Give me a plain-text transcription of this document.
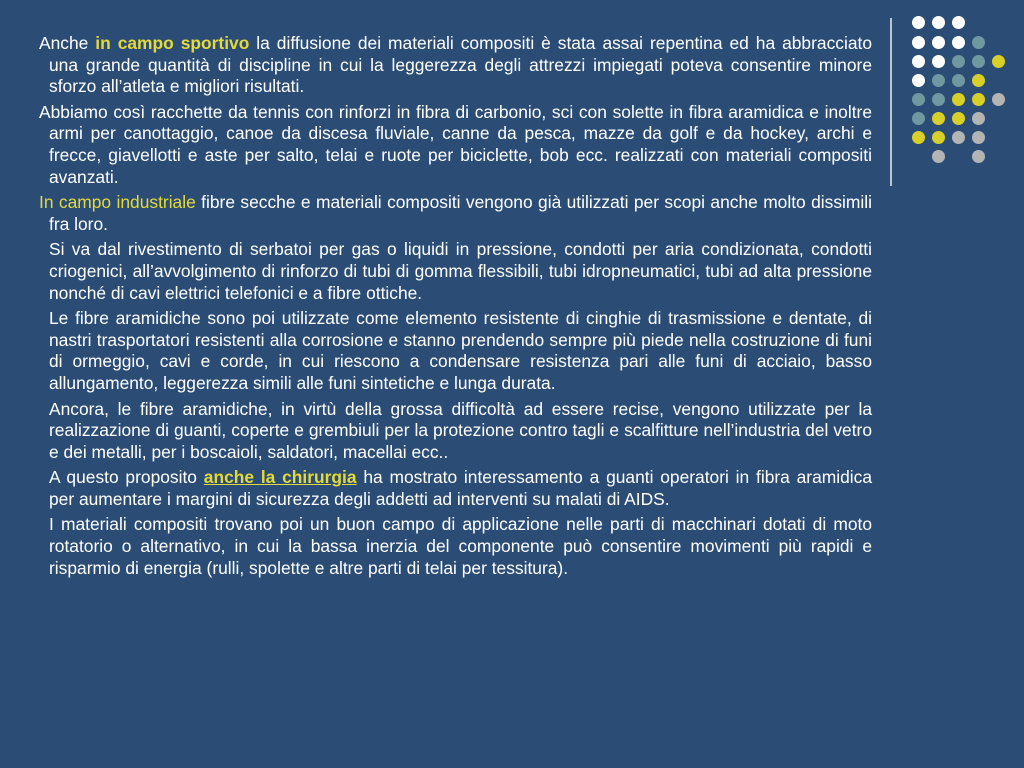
Anche in campo sportivo la diffusione dei materiali compositi è stata assai repentina ed ha abbracciato una grande quantità di discipline in cui la leggerezza degli attrezzi impiegati poteva consentire minore sforzo all’atleta e migliori risultati.

Abbiamo così racchette da tennis con rinforzi in fibra di carbonio, sci con solette in fibra aramidica e inoltre armi per canottaggio, canoe da discesa fluviale, canne da pesca, mazze da golf e da hockey, archi e frecce, giavellotti e aste per salto, telai e ruote per biciclette, bob ecc. realizzati con materiali compositi avanzati.

In campo industriale fibre secche e materiali compositi vengono già utilizzati per scopi anche molto dissimili fra loro.

Si va dal rivestimento di serbatoi per gas o liquidi in pressione, condotti per aria condizionata, condotti criogenici, all’avvolgimento di rinforzo di tubi di gomma flessibili, tubi idropneumatici, tubi ad alta pressione nonché di cavi elettrici telefonici e a fibre ottiche.

Le fibre aramidiche sono poi utilizzate come elemento resistente di cinghie di trasmissione e dentate, di nastri trasportatori resistenti alla corrosione e stanno prendendo sempre più piede nella costruzione di funi di ormeggio, cavi e corde, in cui riescono a condensare resistenza pari alle funi di acciaio, basso allungamento, leggerezza simili alle funi sintetiche e lunga durata.

Ancora, le fibre aramidiche, in virtù della grossa difficoltà ad essere recise, vengono utilizzate per la realizzazione di guanti, coperte e grembiuli per la protezione contro tagli e scalfitture nell’industria del vetro e dei metalli, per i boscaioli, saldatori, macellai ecc..

A questo proposito anche la chirurgia ha mostrato interessamento a guanti operatori in fibra aramidica per aumentare i margini di sicurezza degli addetti ad interventi su malati di AIDS.

I materiali compositi trovano poi un buon campo di applicazione nelle parti di macchinari dotati di moto rotatorio o alternativo, in cui la bassa inerzia del componente può consentire movimenti più rapidi e risparmio di energia (rulli, spolette e altre parti di telai per tessitura).
